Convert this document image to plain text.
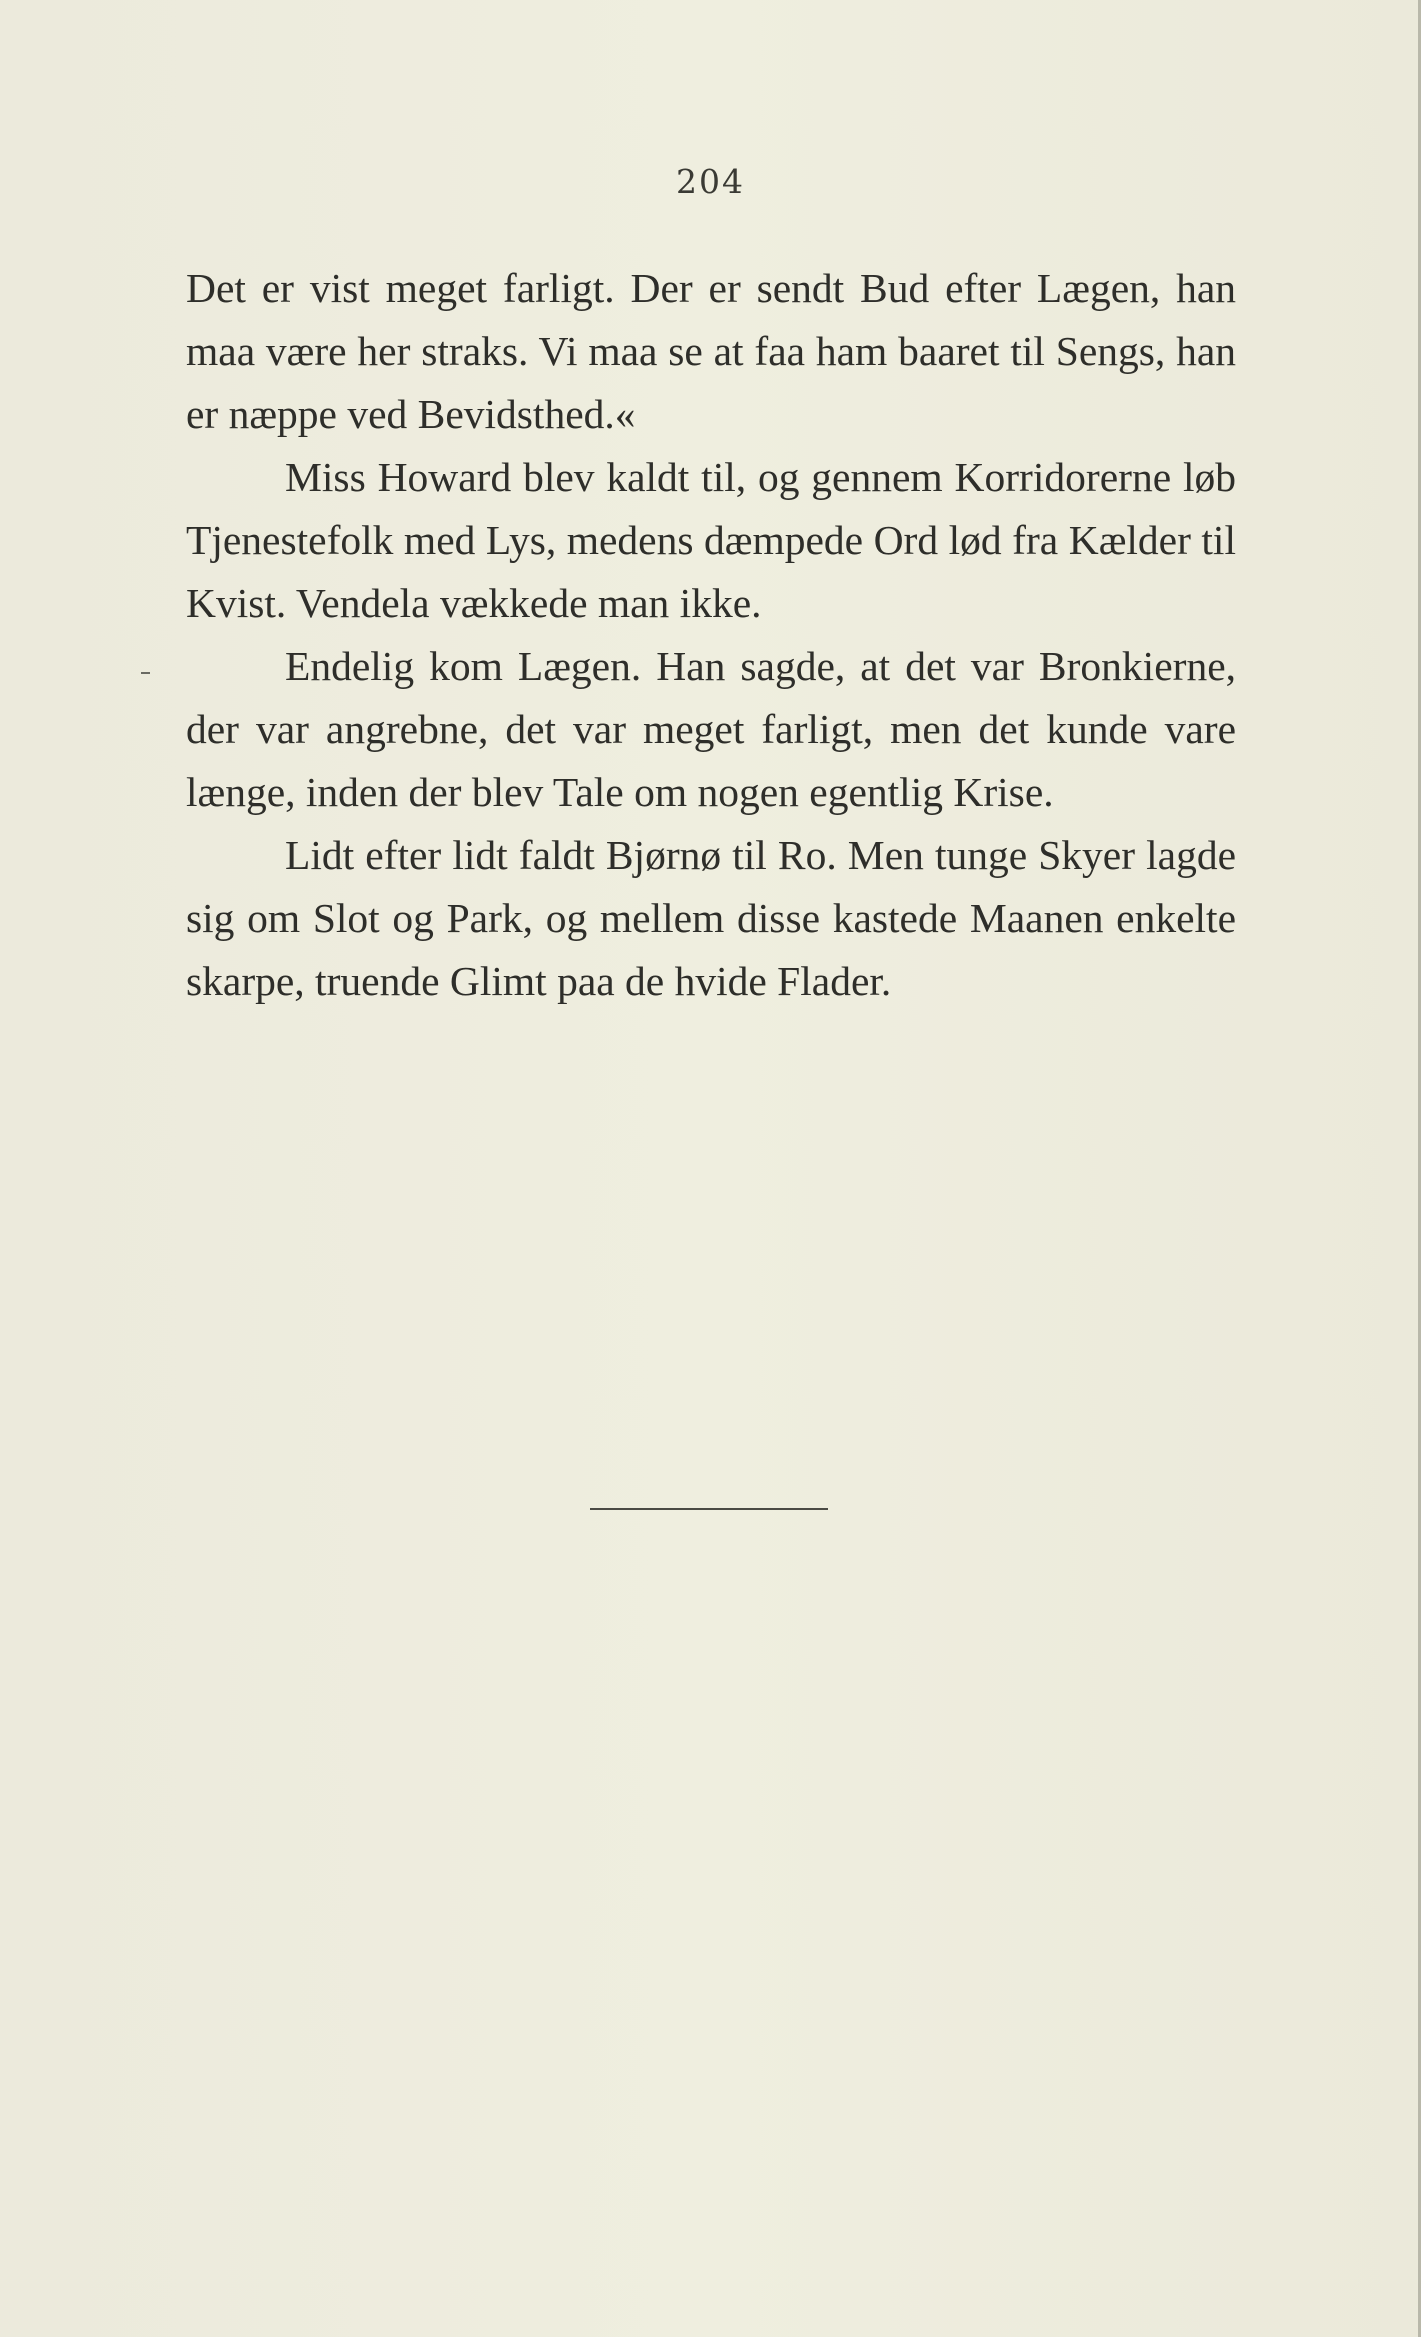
204

Det er vist meget farligt. Der er sendt Bud efter Lægen, han maa være her straks. Vi maa se at faa ham baaret til Sengs, han er næppe ved Bevidsthed.«

Miss Howard blev kaldt til, og gennem Korridorerne løb Tjenestefolk med Lys, medens dæmpede Ord lød fra Kælder til Kvist. Vendela vækkede man ikke.

Endelig kom Lægen. Han sagde, at det var Bronkierne, der var angrebne, det var meget farligt, men det kunde vare længe, inden der blev Tale om nogen egentlig Krise.

Lidt efter lidt faldt Bjørnø til Ro. Men tunge Skyer lagde sig om Slot og Park, og mellem disse kastede Maanen enkelte skarpe, truende Glimt paa de hvide Flader.
